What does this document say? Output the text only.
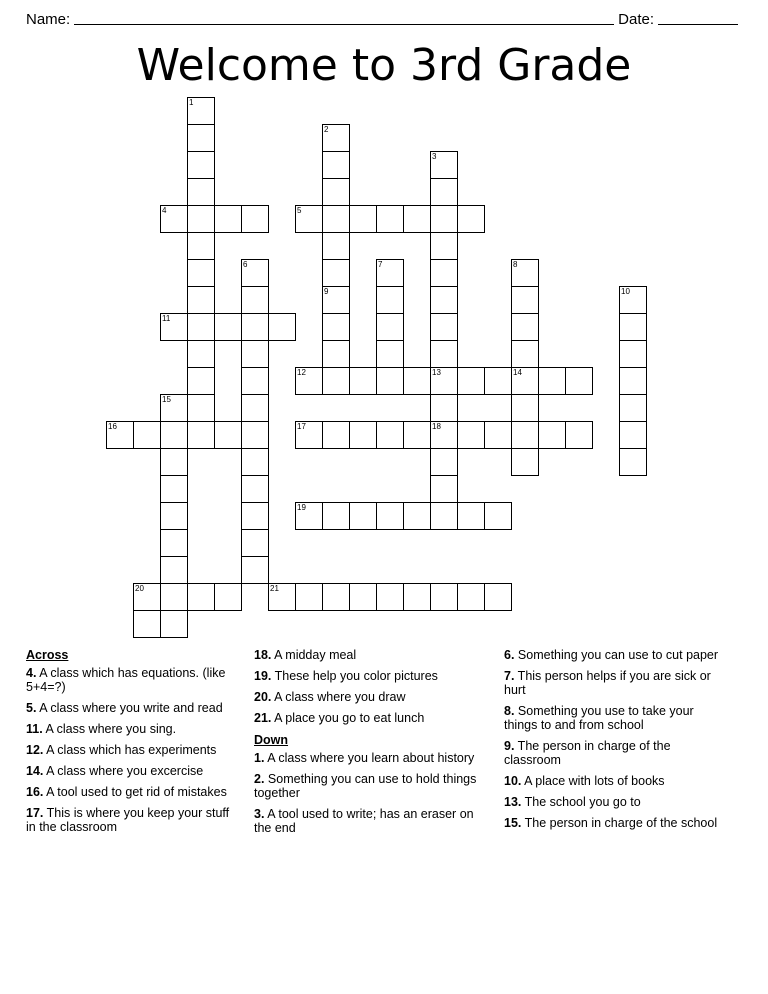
Name:	Date:
Welcome to 3rd Grade
1
2
3
4	5
6	7	8
9	10
11
12	13	14
15
16	17	18
19
20	21
Across
4. A class which has equations. (like 5+4=?)
5. A class where you write and read
11. A class where you sing.
12. A class which has experiments
14. A class where you excercise
16. A tool used to get rid of mistakes
17. This is where you keep your stuff in the classroom
18. A midday meal
19. These help you color pictures
20. A class where you draw
21. A place you go to eat lunch
Down
1. A class where you learn about history
2. Something you can use to hold things together
3. A tool used to write; has an eraser on the end
6. Something you can use to cut paper
7. This person helps if you are sick or hurt
8. Something you use to take your things to and from school
9. The person in charge of the classroom
10. A place with lots of books
13. The school you go to
15. The person in charge of the school
